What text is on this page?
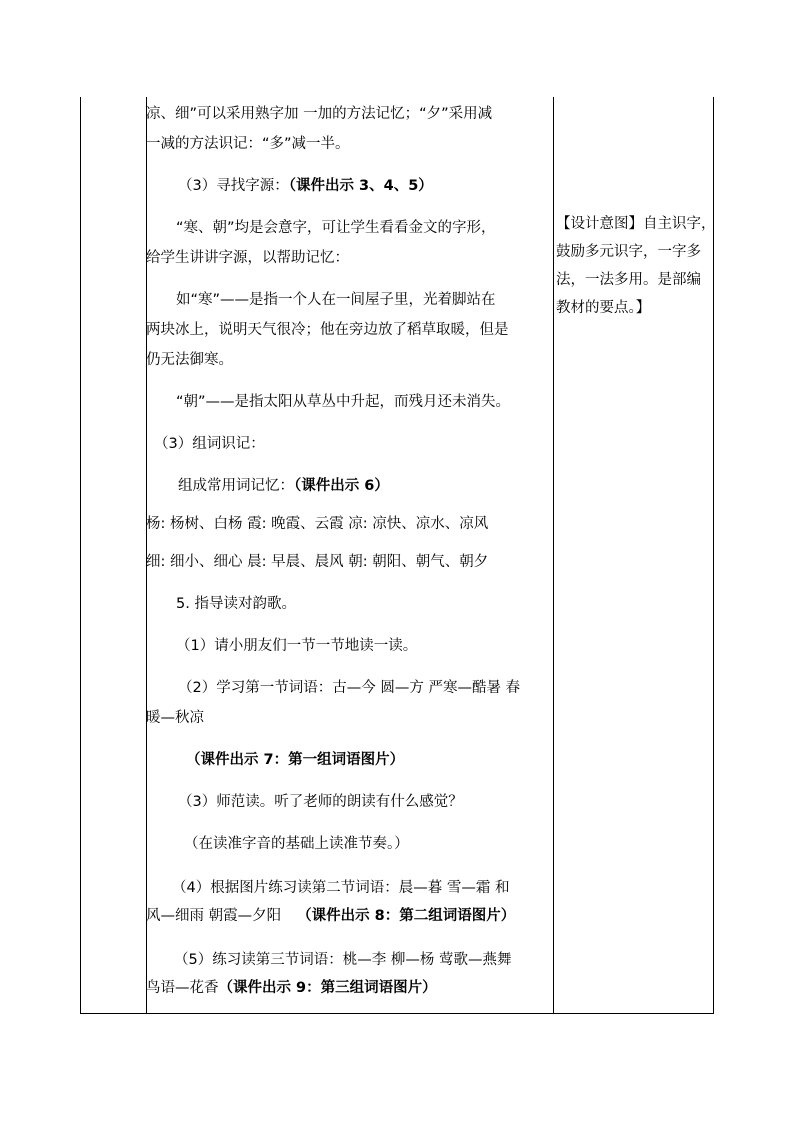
凉、细”可以采用熟字加 一加的方法记忆；“夕”采用减
一减的方法识记：“多”减一半。
（3）寻找字源：（课件出示 3、4、5）
“寒、朝”均是会意字，可让学生看看金文的字形，
给学生讲讲字源，以帮助记忆：
如“寒”——是指一个人在一间屋子里，光着脚站在
两块冰上，说明天气很冷；他在旁边放了稻草取暖，但是
仍无法御寒。
“朝”——是指太阳从草丛中升起，而残月还未消失。
（3）组词识记：
组成常用词记忆：（课件出示 6）
杨: 杨树、白杨 霞: 晚霞、云霞 凉: 凉快、凉水、凉风
细: 细小、细心 晨: 早晨、晨风 朝: 朝阳、朝气、朝夕
5. 指导读对韵歌。
（1）请小朋友们一节一节地读一读。
（2）学习第一节词语：古—今 圆—方 严寒—酷暑 春
暖—秋凉
（课件出示 7：第一组词语图片）
（3）师范读。听了老师的朗读有什么感觉？
（在读准字音的基础上读准节奏。）
（4）根据图片练习读第二节词语：晨—暮 雪—霜 和
风—细雨 朝霞—夕阳 （课件出示 8：第二组词语图片）
（5）练习读第三节词语：桃—李 柳—杨 莺歌—燕舞
鸟语—花香（课件出示 9：第三组词语图片）
【设计意图】自主识字，
鼓励多元识字，一字多
法，一法多用。是部编
教材的要点。】
